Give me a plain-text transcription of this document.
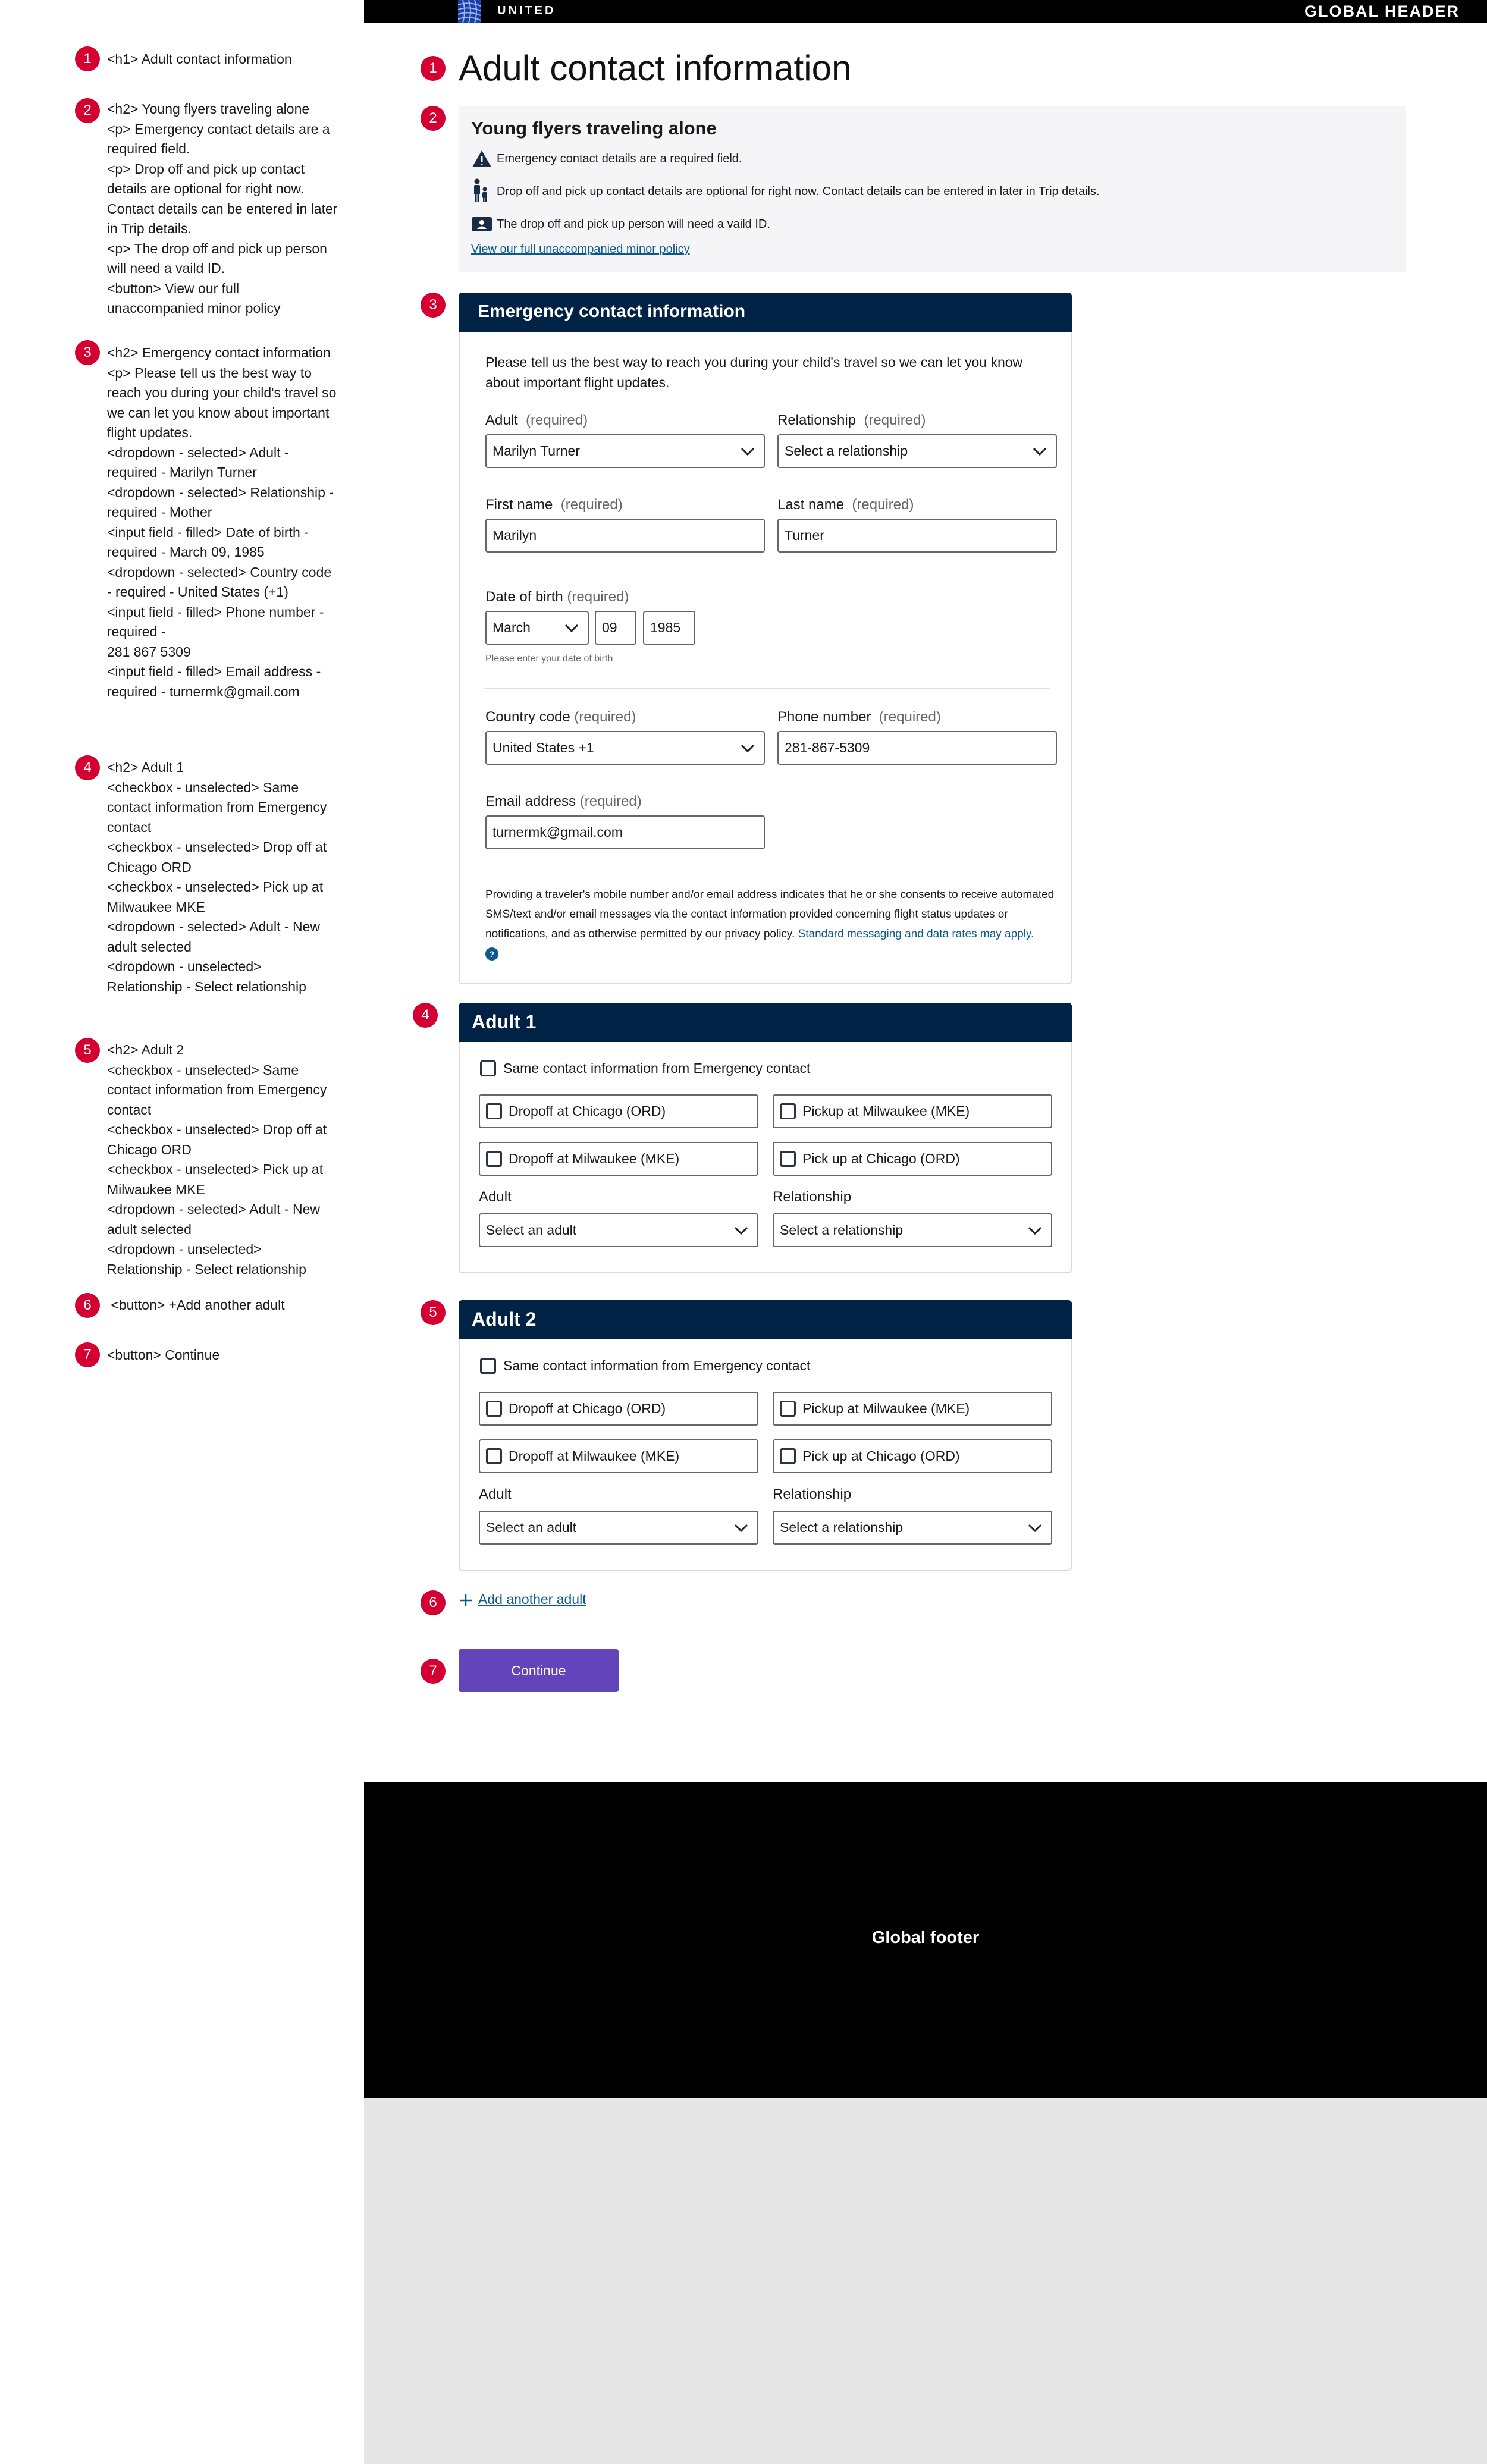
1	<h1> Adult contact information
2	<h2> Young flyers traveling alone
<p> Emergency contact details are a required field.
<p> Drop off and pick up contact details are optional for right now. Contact details can be entered in later in Trip details.
<p> The drop off and pick up person will need a vaild ID.
<button> View our full unaccompanied minor policy
3	<h2> Emergency contact information
<p> Please tell us the best way to reach you during your child's travel so we can let you know about important flight updates.
<dropdown - selected> Adult - required - Marilyn Turner
<dropdown - selected> Relationship - required - Mother
<input field - filled> Date of birth - required - March 09, 1985
<dropdown - selected> Country code - required - United States (+1)
<input field - filled> Phone number - required -
281 867 5309
<input field - filled> Email address - required - turnermk@gmail.com
4	<h2> Adult 1
<checkbox - unselected> Same contact information from Emergency contact
<checkbox - unselected> Drop off at Chicago ORD
<checkbox - unselected> Pick up at Milwaukee MKE
<dropdown - selected> Adult - New adult selected
<dropdown - unselected> Relationship - Select relationship
5	<h2> Adult 2
<checkbox - unselected> Same contact information from Emergency contact
<checkbox - unselected> Drop off at Chicago ORD
<checkbox - unselected> Pick up at Milwaukee MKE
<dropdown - selected> Adult - New adult selected
<dropdown - unselected> Relationship - Select relationship
6	<button> +Add another adult
7	<button> Continue
UNITED	GLOBAL HEADER
1 Adult contact information
2	Young flyers traveling alone
Emergency contact details are a required field.
Drop off and pick up contact details are optional for right now. Contact details can be entered in later in Trip details.
The drop off and pick up person will need a vaild ID.
View our full unaccompanied minor policy
3	Emergency contact information
Please tell us the best way to reach you during your child's travel so we can let you know about important flight updates.
Adult (required)
Marilyn Turner
Relationship (required)
Select a relationship
First name (required)
Marilyn
Last name (required)
Turner
Date of birth (required)
March	09	1985
Please enter your date of birth
Country code (required)
United States +1
Phone number (required)
281-867-5309
Email address (required)
turnermk@gmail.com
Providing a traveler's mobile number and/or email address indicates that he or she consents to receive automated SMS/text and/or email messages via the contact information provided concerning flight status updates or notifications, and as otherwise permitted by our privacy policy. Standard messaging and data rates may apply.   ?
4	Adult 1
Same contact information from Emergency contact
Dropoff at Chicago (ORD)	Pickup at Milwaukee (MKE)
Dropoff at Milwaukee (MKE)	Pick up at Chicago (ORD)
Adult
Select an adult
Relationship
Select a relationship
5	Adult 2
Same contact information from Emergency contact
Dropoff at Chicago (ORD)	Pickup at Milwaukee (MKE)
Dropoff at Milwaukee (MKE)	Pick up at Chicago (ORD)
Adult
Select an adult
Relationship
Select a relationship
6	Add another adult
7	Continue
Global footer
